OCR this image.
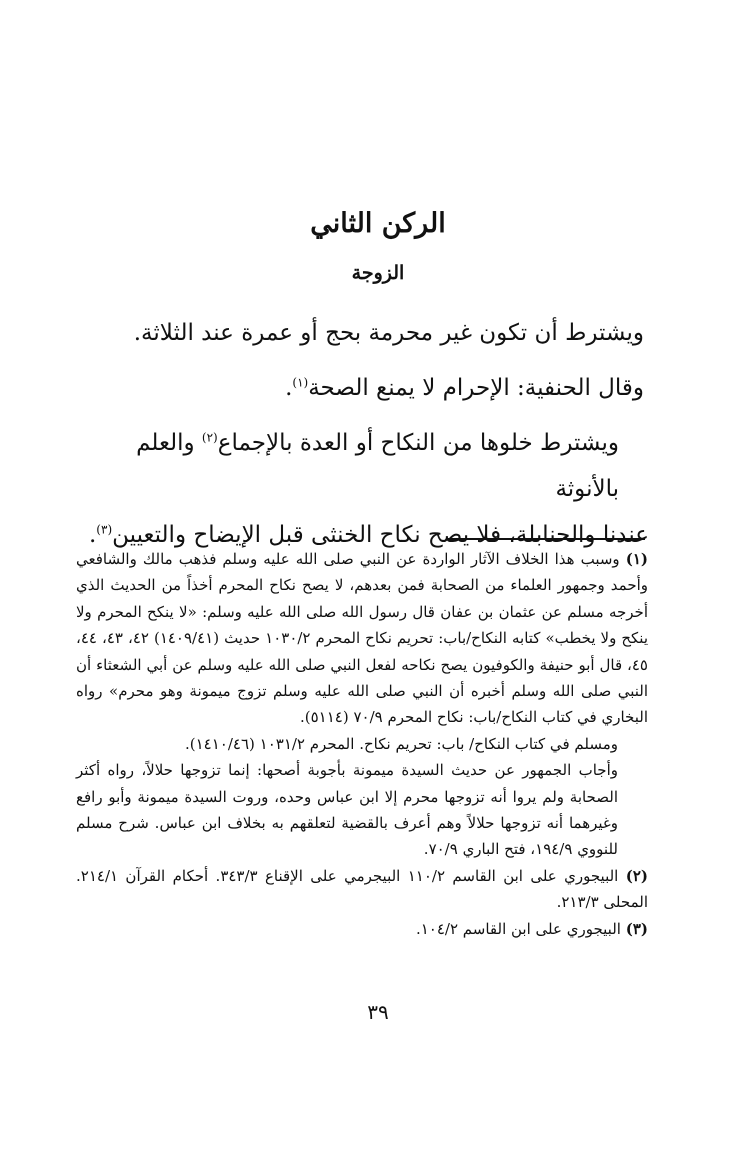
الركن الثاني
الزوجة
ويشترط أن تكون غير محرمة بحج أو عمرة عند الثلاثة.
وقال الحنفية: الإحرام لا يمنع الصحة$^{(١)}$.
ويشترط خلوها من النكاح أو العدة بالإجماع$^{(٢)}$ والعلم بالأنوثة
عندنا والحنابلة، فلا يصح نكاح الخنثى قبل الإيضاح والتعيين$^{(٣)}$.

(١) وسبب هذا الخلاف الآثار الواردة عن النبي صلى الله عليه وسلم فذهب مالك والشافعي وأحمد وجمهور العلماء من الصحابة فمن بعدهم، لا يصح نكاح المحرم أخذاً من الحديث الذي أخرجه مسلم عن عثمان بن عفان قال رسول الله صلى الله عليه وسلم: «لا ينكح المحرم ولا ينكح ولا يخطب» كتابه النكاح/باب: تحريم نكاح المحرم ١٠٣٠/٢ حديث (١٤٠٩/٤١) ٤٢، ٤٣، ٤٤، ٤٥، قال أبو حنيفة والكوفيون يصح نكاحه لفعل النبي صلى الله عليه وسلم عن أبي الشعثاء أن النبي صلى الله وسلم أخبره أن النبي صلى الله عليه وسلم تزوج ميمونة وهو محرم» رواه البخاري في كتاب النكاح/باب: نكاح المحرم ٧٠/٩ (٥١١٤).

ومسلم في كتاب النكاح/ باب: تحريم نكاح. المحرم ١٠٣١/٢ (١٤١٠/٤٦).

وأجاب الجمهور عن حديث السيدة ميمونة بأجوبة أصحها: إنما تزوجها حلالاً، رواه أكثر الصحابة ولم يروا أنه تزوجها محرم إلا ابن عباس وحده، وروت السيدة ميمونة وأبو رافع وغيرهما أنه تزوجها حلالاً وهم أعرف بالقضية لتعلقهم به بخلاف ابن عباس. شرح مسلم للنووي ١٩٤/٩، فتح الباري ٧٠/٩.

(٢) البيجوري على ابن القاسم ١١٠/٢ البيجرمي على الإقناع ٣٤٣/٣. أحكام القرآن ٢١٤/١. المحلى ٢١٣/٣.

(٣) البيجوري على ابن القاسم ١٠٤/٢.

٣٩
